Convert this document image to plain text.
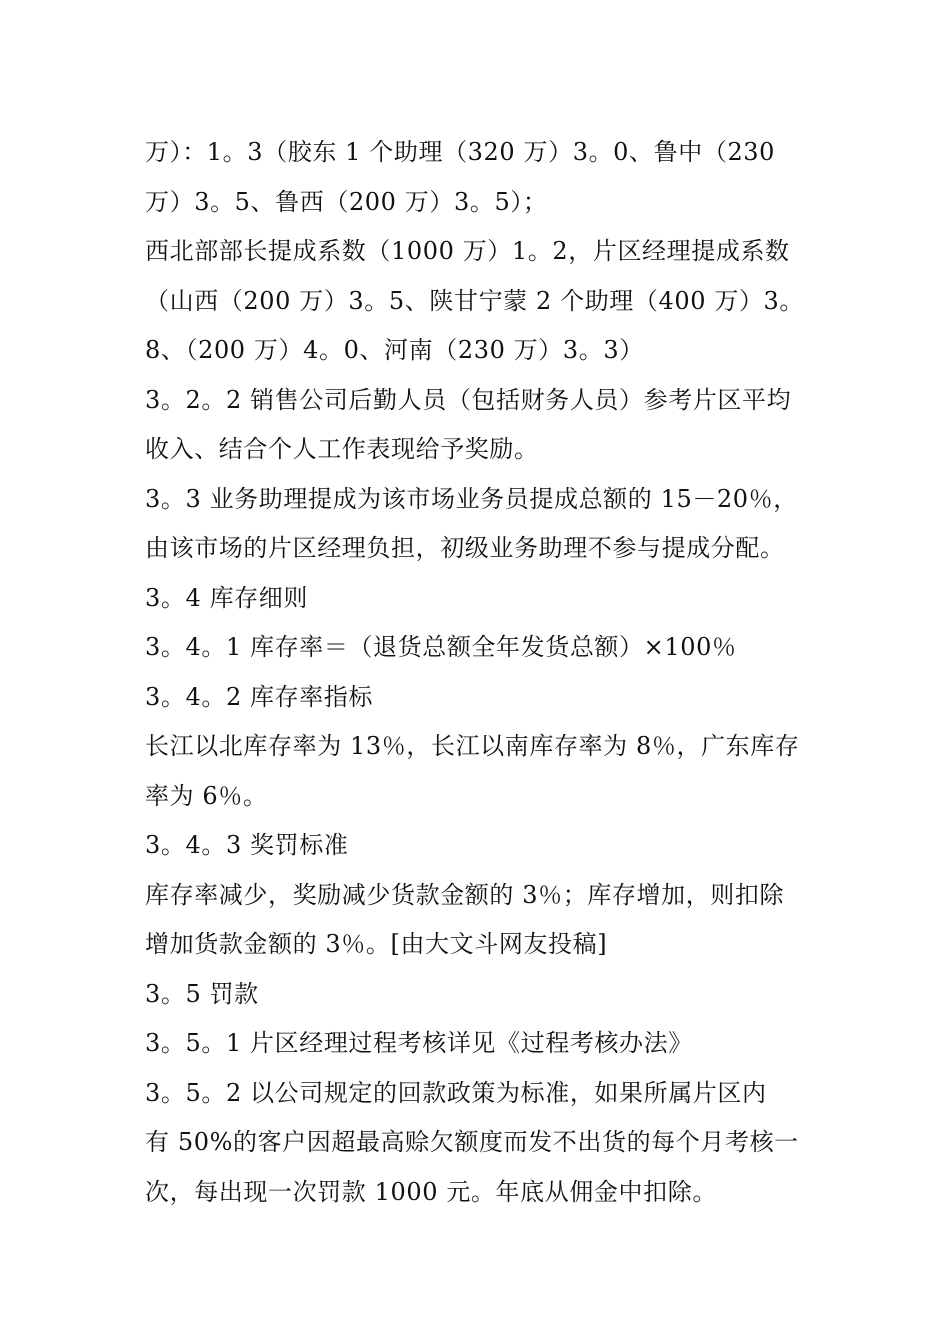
万）：1。3（胶东 1 个助理（320 万）3。0、鲁中（230
万）3。5、鲁西（200 万）3。5）；
西北部部长提成系数（1000 万）1。2，片区经理提成系数
（山西（200 万）3。5、陕甘宁蒙 2 个助理（400 万）3。
8、（200 万）4。0、河南（230 万）3。3）
3。2。2 销售公司后勤人员（包括财务人员）参考片区平均
收入、结合个人工作表现给予奖励。
3。3 业务助理提成为该市场业务员提成总额的 15－20％，
由该市场的片区经理负担，初级业务助理不参与提成分配。
3。4 库存细则
3。4。1 库存率＝（退货总额全年发货总额）×100％
3。4。2 库存率指标
长江以北库存率为 13％，长江以南库存率为 8％，广东库存
率为 6％。
3。4。3 奖罚标准
库存率减少，奖励减少货款金额的 3％；库存增加，则扣除
增加货款金额的 3％。[由大文斗网友投稿]
3。5 罚款
3。5。1 片区经理过程考核详见《过程考核办法》
3。5。2 以公司规定的回款政策为标准，如果所属片区内
有 50%的客户因超最高赊欠额度而发不出货的每个月考核一
次，每出现一次罚款 1000 元。年底从佣金中扣除。
